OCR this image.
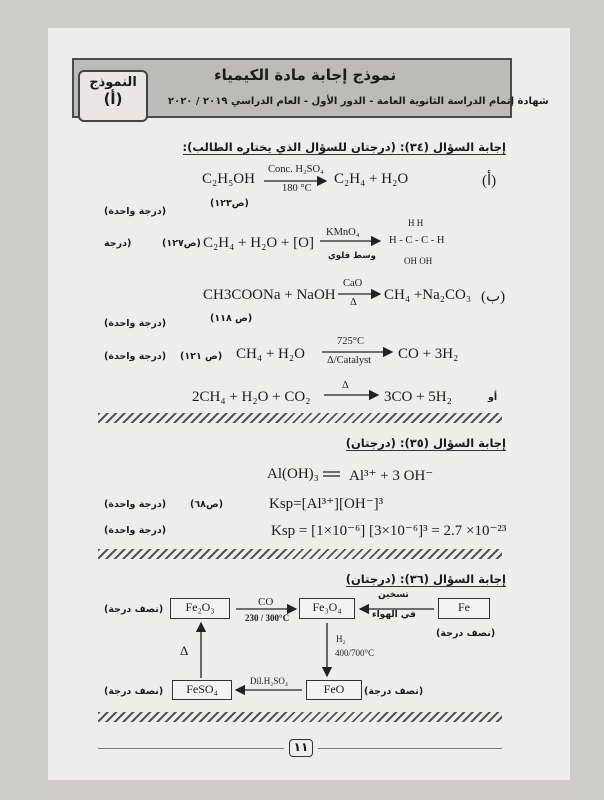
نموذج إجابة مادة الكيمياء
شهادة إتمام الدراسة الثانوية العامة - الدور الأول - العام الدراسي ٢٠١٩ / ٢٠٢٠
النموذج
(أ)
إجابة السؤال (٣٤): (درجتان للسؤال الذي يختاره الطالب):
(أ)
C₂H₅OH
Conc. H₂SO₄
180 °C
C₂H₄ + H₂O
(ص١٢٣)
(درجة واحدة)
(درجة	(ص١٢٧) C₂H₄ + H₂O + [O]
KMnO₄
وسط قلوي
H H
H - C - C - H
OH OH
(ب)
CH3COONa + NaOH
CaO
Δ CH₄ +Na₂CO₃
(ص ١١٨)
(درجة واحدة)
(درجة واحدة) (ص ١٢١) CH₄ + H₂O
725°C
Δ/Catalyst CO + 3H₂
أو
2CH₄ + H₂O + CO₂
Δ
3CO + 5H₂
إجابة السؤال (٣٥): (درجتان)
Al(OH)₃ Al³⁺ + 3 OH⁻
Ksp=[Al³⁺][OH⁻]³
(ص٦٨)
(درجة واحدة)
Ksp = [1×10⁻⁶] [3×10⁻⁶]³ = 2.7 ×10⁻²³
(درجة واحدة)
إجابة السؤال (٣٦): (درجتان)
Fe₂O₃	Fe₃O₄	Fe
FeSO₄	FeO
CO
230 / 300°C
تسخين
في الهواء
H₂
400/700°C
Dil.H₂SO₄
Δ
(نصف درجة)
(نصف درجة)
(نصف درجة)	(نصف درجة)
١١
